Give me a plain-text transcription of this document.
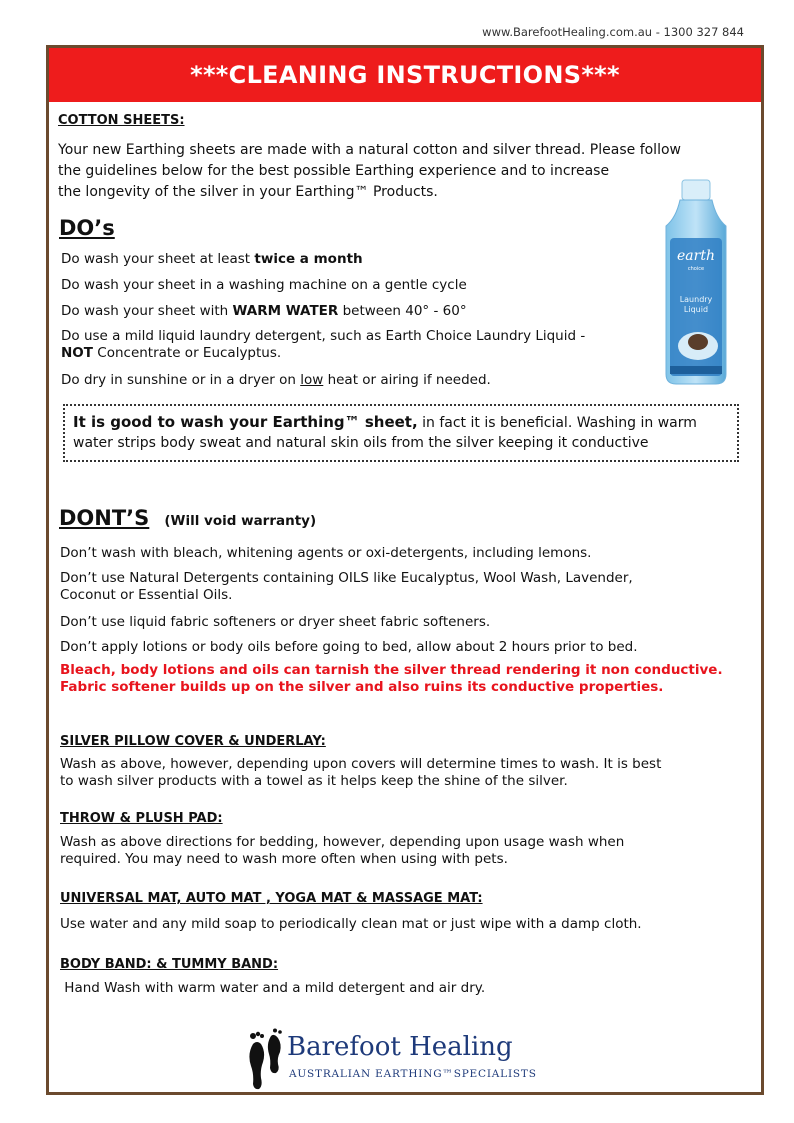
www.BarefootHealing.com.au - 1300 327 844
***CLEANING INSTRUCTIONS***
COTTON SHEETS:
Your new Earthing sheets are made with a natural cotton and silver thread. Please follow
the guidelines below for the best possible Earthing experience and to increase
the longevity of the silver in your Earthing™ Products.
DO’s
Do wash your sheet at least twice a month
Do wash your sheet in a washing machine on a gentle cycle
Do wash your sheet with WARM WATER between 40° - 60°
Do use a mild liquid laundry detergent, such as Earth Choice Laundry Liquid -
NOT Concentrate or Eucalyptus.
Do dry in sunshine or in a dryer on low heat or airing if needed.
earth
choice
Laundry
Liquid
It is good to wash your Earthing™ sheet, in fact it is beneficial. Washing in warm
water strips body sweat and natural skin oils from the silver keeping it conductive
DONT’S (Will void warranty)
Don’t wash with bleach, whitening agents or oxi-detergents, including lemons.
Don’t use Natural Detergents containing OILS like Eucalyptus, Wool Wash, Lavender,
Coconut or Essential Oils.
Don’t use liquid fabric softeners or dryer sheet fabric softeners.
Don’t apply lotions or body oils before going to bed, allow about 2 hours prior to bed.
Bleach, body lotions and oils can tarnish the silver thread rendering it non conductive.
Fabric softener builds up on the silver and also ruins its conductive properties.
SILVER PILLOW COVER & UNDERLAY:
Wash as above, however, depending upon covers will determine times to wash. It is best
to wash silver products with a towel as it helps keep the shine of the silver.
THROW & PLUSH PAD:
Wash as above directions for bedding, however, depending upon usage wash when
required. You may need to wash more often when using with pets.
UNIVERSAL MAT, AUTO MAT , YOGA MAT & MASSAGE MAT:
Use water and any mild soap to periodically clean mat or just wipe with a damp cloth.
BODY BAND: & TUMMY BAND:
Hand Wash with warm water and a mild detergent and air dry.
Barefoot Healing
AUSTRALIAN EARTHING™SPECIALISTS
